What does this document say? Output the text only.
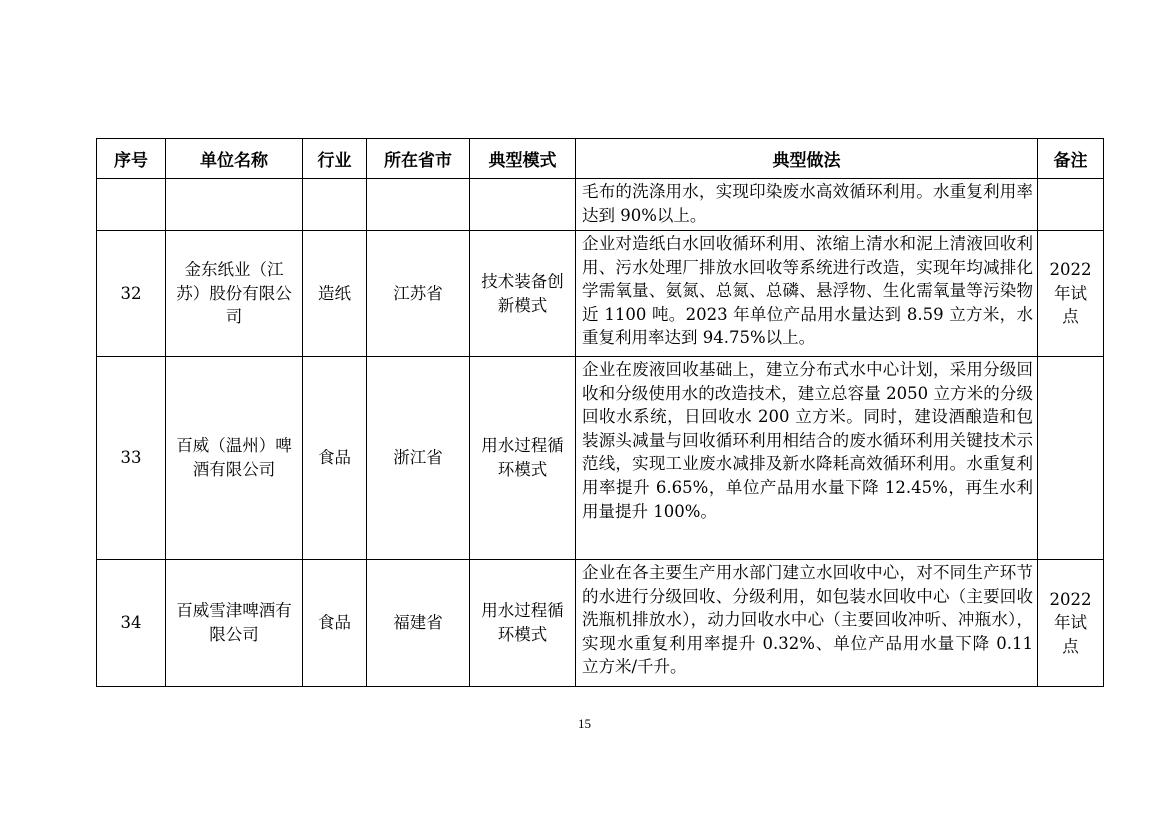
序号	单位名称	行业	所在省市	典型模式	典型做法	备注
					毛布的洗涤用水，实现印染废水高效循环利用。水重复利用率达到 90%以上。	
32	金东纸业（江苏）股份有限公司	造纸	江苏省	技术装备创新模式	企业对造纸白水回收循环利用、浓缩上清水和泥上清液回收利用、污水处理厂排放水回收等系统进行改造，实现年均减排化学需氧量、氨氮、总氮、总磷、悬浮物、生化需氧量等污染物近 1100 吨。2023 年单位产品用水量达到 8.59 立方米，水重复利用率达到 94.75%以上。	2022年试点
33	百威（温州）啤酒有限公司	食品	浙江省	用水过程循环模式	企业在废液回收基础上，建立分布式水中心计划，采用分级回收和分级使用水的改造技术，建立总容量 2050 立方米的分级回收水系统，日回收水 200 立方米。同时，建设酒酿造和包装源头减量与回收循环利用相结合的废水循环利用关键技术示范线，实现工业废水减排及新水降耗高效循环利用。水重复利用率提升 6.65%，单位产品用水量下降 12.45%，再生水利用量提升 100%。	
34	百威雪津啤酒有限公司	食品	福建省	用水过程循环模式	企业在各主要生产用水部门建立水回收中心，对不同生产环节的水进行分级回收、分级利用，如包装水回收中心（主要回收洗瓶机排放水），动力回收水中心（主要回收冲听、冲瓶水），实现水重复利用率提升 0.32%、单位产品用水量下降 0.11 立方米/千升。	2022年试点
15
